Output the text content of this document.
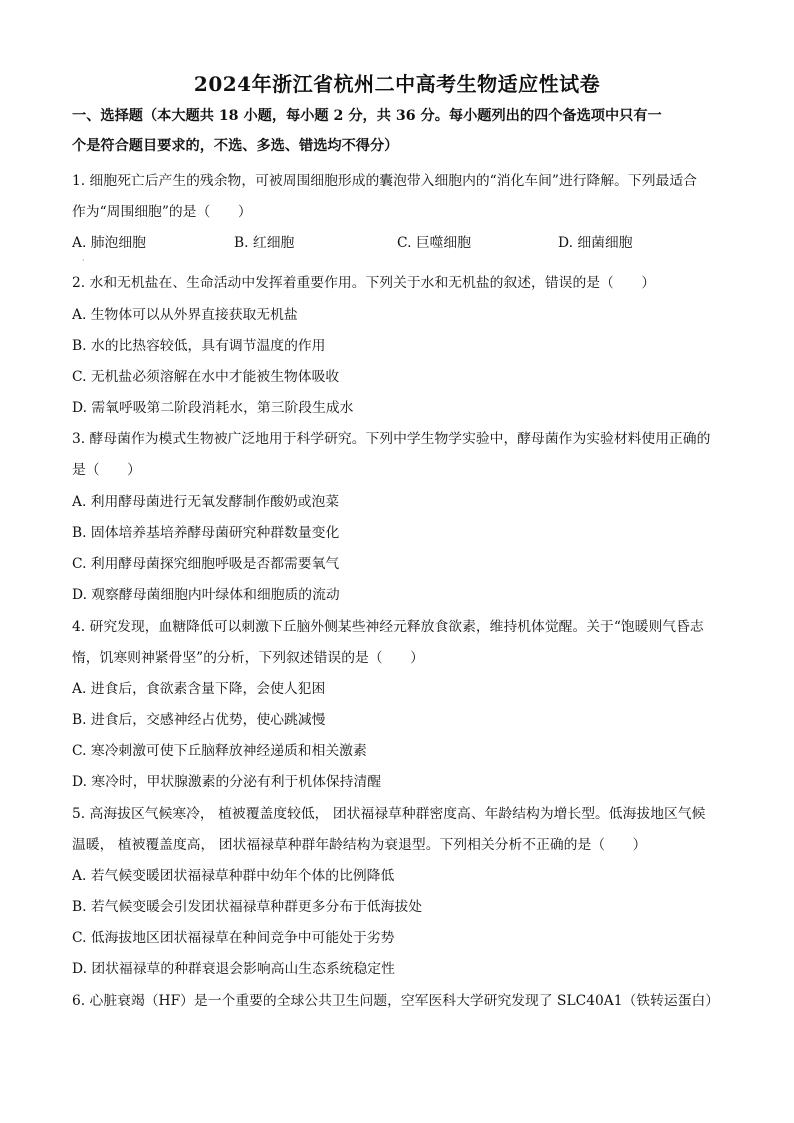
2024年浙江省杭州二中高考生物适应性试卷
一、选择题（本大题共 18 小题，每小题 2 分，共 36 分。每小题列出的四个备选项中只有一
个是符合题目要求的，不选、多选、错选均不得分）
1. 细胞死亡后产生的残余物，可被周围细胞形成的囊泡带入细胞内的“消化车间”进行降解。下列最适合
作为“周围细胞”的是（　　）
A. 肺泡细胞	B. 红细胞	C. 巨噬细胞	D. 细菌细胞
·
2. 水和无机盐在、生命活动中发挥着重要作用。下列关于水和无机盐的叙述，错误的是（　　）
A. 生物体可以从外界直接获取无机盐
B. 水的比热容较低，具有调节温度的作用
C. 无机盐必须溶解在水中才能被生物体吸收
D. 需氧呼吸第二阶段消耗水，第三阶段生成水
3. 酵母菌作为模式生物被广泛地用于科学研究。下列中学生物学实验中，酵母菌作为实验材料使用正确的
是（　　）
A. 利用酵母菌进行无氧发酵制作酸奶或泡菜
B. 固体培养基培养酵母菌研究种群数量变化
C. 利用酵母菌探究细胞呼吸是否都需要氧气
D. 观察酵母菌细胞内叶绿体和细胞质的流动
4. 研究发现，血糖降低可以刺激下丘脑外侧某些神经元释放食欲素，维持机体觉醒。关于“饱暖则气昏志
惰，饥寒则神紧骨坚”的分析，下列叙述错误的是（　　）
A. 进食后，食欲素含量下降，会使人犯困
B. 进食后，交感神经占优势，使心跳减慢
C. 寒冷刺激可使下丘脑释放神经递质和相关激素
D. 寒冷时，甲状腺激素的分泌有利于机体保持清醒
5. 高海拔区气候寒冷， 植被覆盖度较低， 团状福禄草种群密度高、年龄结构为增长型。低海拔地区气候
温暖， 植被覆盖度高， 团状福禄草种群年龄结构为衰退型。下列相关分析不正确的是（　　）
A. 若气候变暖团状福禄草种群中幼年个体的比例降低
B. 若气候变暖会引发团状福禄草种群更多分布于低海拔处
C. 低海拔地区团状福禄草在种间竞争中可能处于劣势
D. 团状福禄草的种群衰退会影响高山生态系统稳定性
6. 心脏衰竭（HF）是一个重要的全球公共卫生问题，空军医科大学研究发现了 SLC40A1（铁转运蛋白）
